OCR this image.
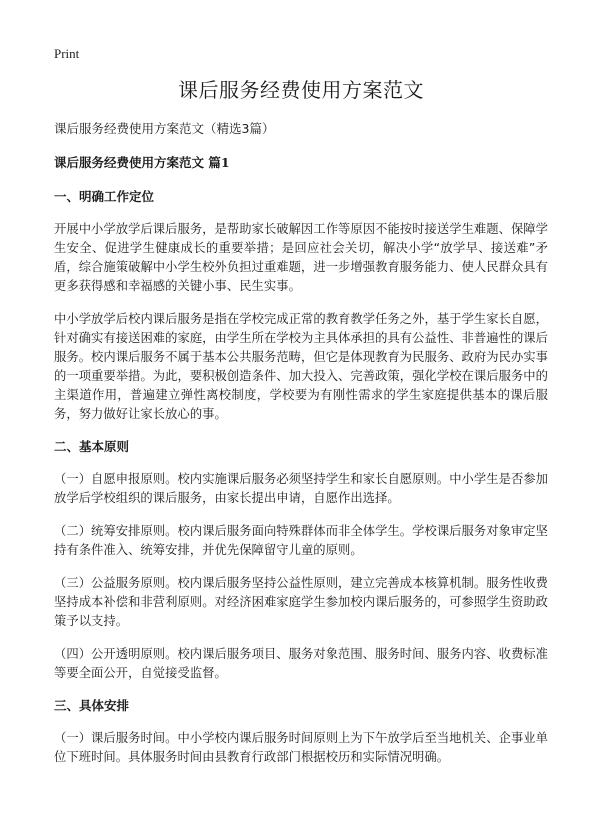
Print
课后服务经费使用方案范文

课后服务经费使用方案范文（精选3篇）

课后服务经费使用方案范文 篇1

一、明确工作定位

开展中小学放学后课后服务，是帮助家长破解因工作等原因不能按时接送学生难题、保障学生安全、促进学生健康成长的重要举措；是回应社会关切，解决小学“放学早、接送难”矛盾，综合施策破解中小学生校外负担过重难题，进一步增强教育服务能力、使人民群众具有更多获得感和幸福感的关键小事、民生实事。

中小学放学后校内课后服务是指在学校完成正常的教育教学任务之外，基于学生家长自愿，针对确实有接送困难的家庭，由学生所在学校为主具体承担的具有公益性、非普遍性的课后服务。校内课后服务不属于基本公共服务范畴，但它是体现教育为民服务、政府为民办实事的一项重要举措。为此，要积极创造条件、加大投入、完善政策，强化学校在课后服务中的主渠道作用，普遍建立弹性离校制度，学校要为有刚性需求的学生家庭提供基本的课后服务，努力做好让家长放心的事。

二、基本原则

（一）自愿申报原则。校内实施课后服务必须坚持学生和家长自愿原则。中小学生是否参加放学后学校组织的课后服务，由家长提出申请，自愿作出选择。

（二）统筹安排原则。校内课后服务面向特殊群体而非全体学生。学校课后服务对象审定坚持有条件准入、统筹安排，并优先保障留守儿童的原则。

（三）公益服务原则。校内课后服务坚持公益性原则，建立完善成本核算机制。服务性收费坚持成本补偿和非营利原则。对经济困难家庭学生参加校内课后服务的，可参照学生资助政策予以支持。

（四）公开透明原则。校内课后服务项目、服务对象范围、服务时间、服务内容、收费标准等要全面公开，自觉接受监督。

三、具体安排

（一）课后服务时间。中小学校内课后服务时间原则上为下午放学后至当地机关、企事业单位下班时间。具体服务时间由县教育行政部门根据校历和实际情况明确。
